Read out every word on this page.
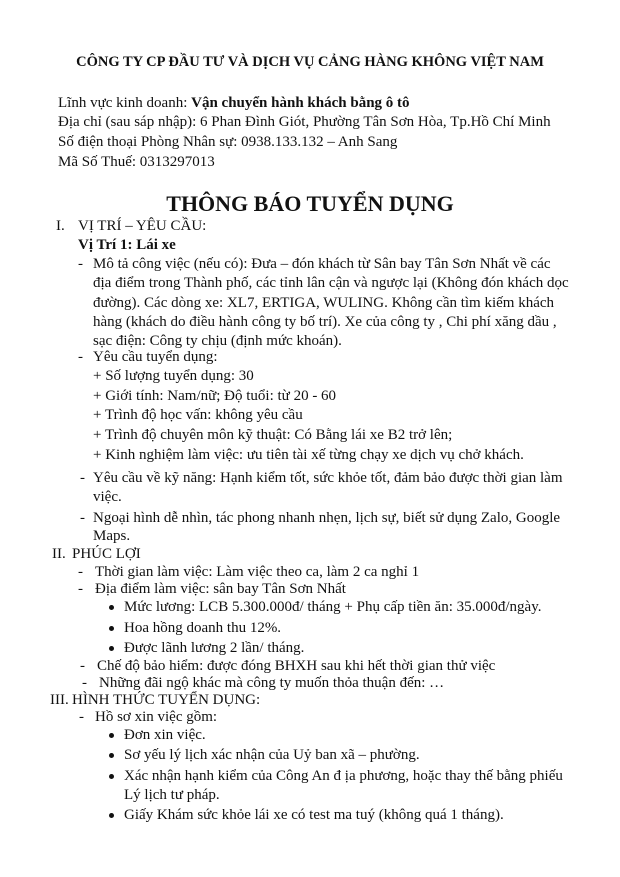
CÔNG TY CP ĐẦU TƯ VÀ DỊCH VỤ CẢNG HÀNG KHÔNG VIỆT NAM
Lĩnh vực kinh doanh: Vận chuyển hành khách bằng ô tô
Địa chỉ (sau sáp nhập): 6 Phan Đình Giót, Phường Tân Sơn Hòa, Tp.Hồ Chí Minh
Số điện thoại Phòng Nhân sự: 0938.133.132 – Anh Sang
Mã Số Thuế: 0313297013
THÔNG BÁO TUYỂN DỤNG
I. VỊ TRÍ – YÊU CẦU:
Vị Trí 1: Lái xe
- Mô tả công việc (nếu có): Đưa – đón khách từ Sân bay Tân Sơn Nhất về các
địa điểm trong Thành phố, các tỉnh lân cận và ngược lại (Không đón khách dọc
đường). Các dòng xe: XL7, ERTIGA, WULING. Không cần tìm kiếm khách
hàng (khách do điều hành công ty bố trí). Xe của công ty , Chi phí xăng dầu ,
sạc điện: Công ty chịu (định mức khoán).
- Yêu cầu tuyển dụng:
+ Số lượng tuyển dụng: 30
+ Giới tính: Nam/nữ; Độ tuổi: từ 20 - 60
+ Trình độ học vấn: không yêu cầu
+ Trình độ chuyên môn kỹ thuật: Có Bằng lái xe B2 trở lên;
+ Kinh nghiệm làm việc: ưu tiên tài xế từng chạy xe dịch vụ chở khách.
- Yêu cầu về kỹ năng: Hạnh kiểm tốt, sức khỏe tốt, đảm bảo được thời gian làm
việc.
- Ngoại hình dễ nhìn, tác phong nhanh nhẹn, lịch sự, biết sử dụng Zalo, Google
Maps.
II. PHÚC LỢI
- Thời gian làm việc: Làm việc theo ca, làm 2 ca nghỉ 1
- Địa điểm làm việc: sân bay Tân Sơn Nhất
Mức lương: LCB 5.300.000đ/ tháng + Phụ cấp tiền ăn: 35.000đ/ngày.
Hoa hồng doanh thu 12%.
Được lãnh lương 2 lần/ tháng.
- Chế độ bảo hiểm: được đóng BHXH sau khi hết thời gian thử việc
- Những đãi ngộ khác mà công ty muốn thỏa thuận đến: …
III. HÌNH THỨC TUYỂN DỤNG:
- Hồ sơ xin việc gồm:
Đơn xin việc.
Sơ yếu lý lịch xác nhận của Uỷ ban xã – phường.
Xác nhận hạnh kiểm của Công An đ ịa phương, hoặc thay thế bằng phiếu
Lý lịch tư pháp.
Giấy Khám sức khỏe lái xe có test ma tuý (không quá 1 tháng).
